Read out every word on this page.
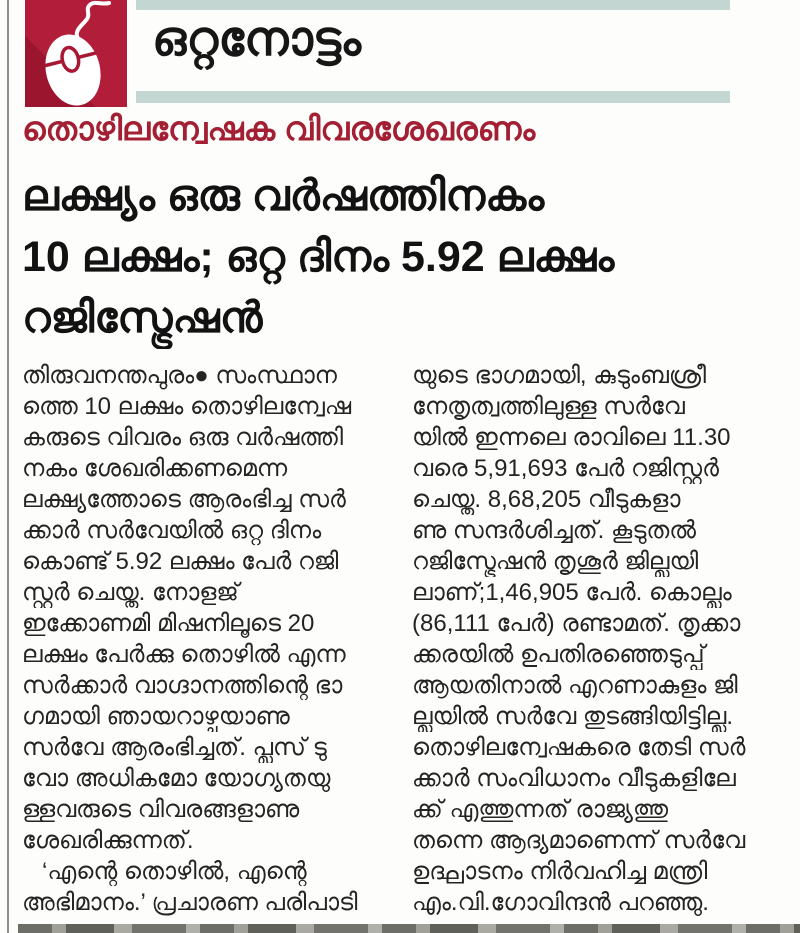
ഒറ്റനോട്ടം
തൊഴിലന്വേഷക വിവരശേഖരണം
ലക്ഷ്യം ഒരു വർഷത്തിനകം
10 ലക്ഷം; ഒറ്റ ദിനം 5.92 ലക്ഷം
റജിസ്ട്രേഷൻ
തിരുവനന്തപുരം● സംസ്ഥാന
ത്തെ 10 ലക്ഷം തൊഴിലന്വേഷ
കരുടെ വിവരം ഒരു വർഷത്തി
നകം ശേഖരിക്കണമെന്ന
ലക്ഷ്യത്തോടെ ആരംഭിച്ച സർ
ക്കാർ സർവേയിൽ ഒറ്റ ദിനം
കൊണ്ട് 5.92 ലക്ഷം പേർ റജി
സ്റ്റർ ചെയ്തു. നോളജ്
ഇക്കോണമി മിഷനിലൂടെ 20
ലക്ഷം പേർക്കു തൊഴിൽ എന്ന
സർക്കാർ വാഗ്ദാനത്തിന്റെ ഭാ
ഗമായി ഞായറാഴ്ചയാണു
സർവേ ആരംഭിച്ചത്. പ്ലസ് ടു
വോ അധികമോ യോഗ്യതയു
ള്ളവരുടെ വിവരങ്ങളാണു
ശേഖരിക്കുന്നത്.
‘എന്റെ തൊഴിൽ, എന്റെ
അഭിമാനം.’ പ്രചാരണ പരിപാടി
യുടെ ഭാഗമായി, കുടുംബശ്രീ
നേതൃത്വത്തിലുള്ള സർവേ
യിൽ ഇന്നലെ രാവിലെ 11.30
വരെ 5,91,693 പേർ റജിസ്റ്റർ
ചെയ്തു. 8,68,205 വീടുകളാ
ണു സന്ദർശിച്ചത്. കൂടുതൽ
റജിസ്ട്രേഷൻ തൃശൂർ ജില്ലയി
ലാണ്;1,46,905 പേർ. കൊല്ലം
(86,111 പേർ) രണ്ടാമത്. തൃക്കാ
ക്കരയിൽ ഉപതിരഞ്ഞെടുപ്പ്
ആയതിനാൽ എറണാകുളം ജി
ല്ലയിൽ സർവേ തുടങ്ങിയിട്ടില്ല.
തൊഴിലന്വേഷകരെ തേടി സർ
ക്കാർ സംവിധാനം വീടുകളിലേ
ക്ക് എത്തുന്നത് രാജ്യത്തു
തന്നെ ആദ്യമാണെന്ന് സർവേ
ഉദ്ഘാടനം നിർവഹിച്ച മന്ത്രി
എം.വി.ഗോവിന്ദൻ പറഞ്ഞു.
